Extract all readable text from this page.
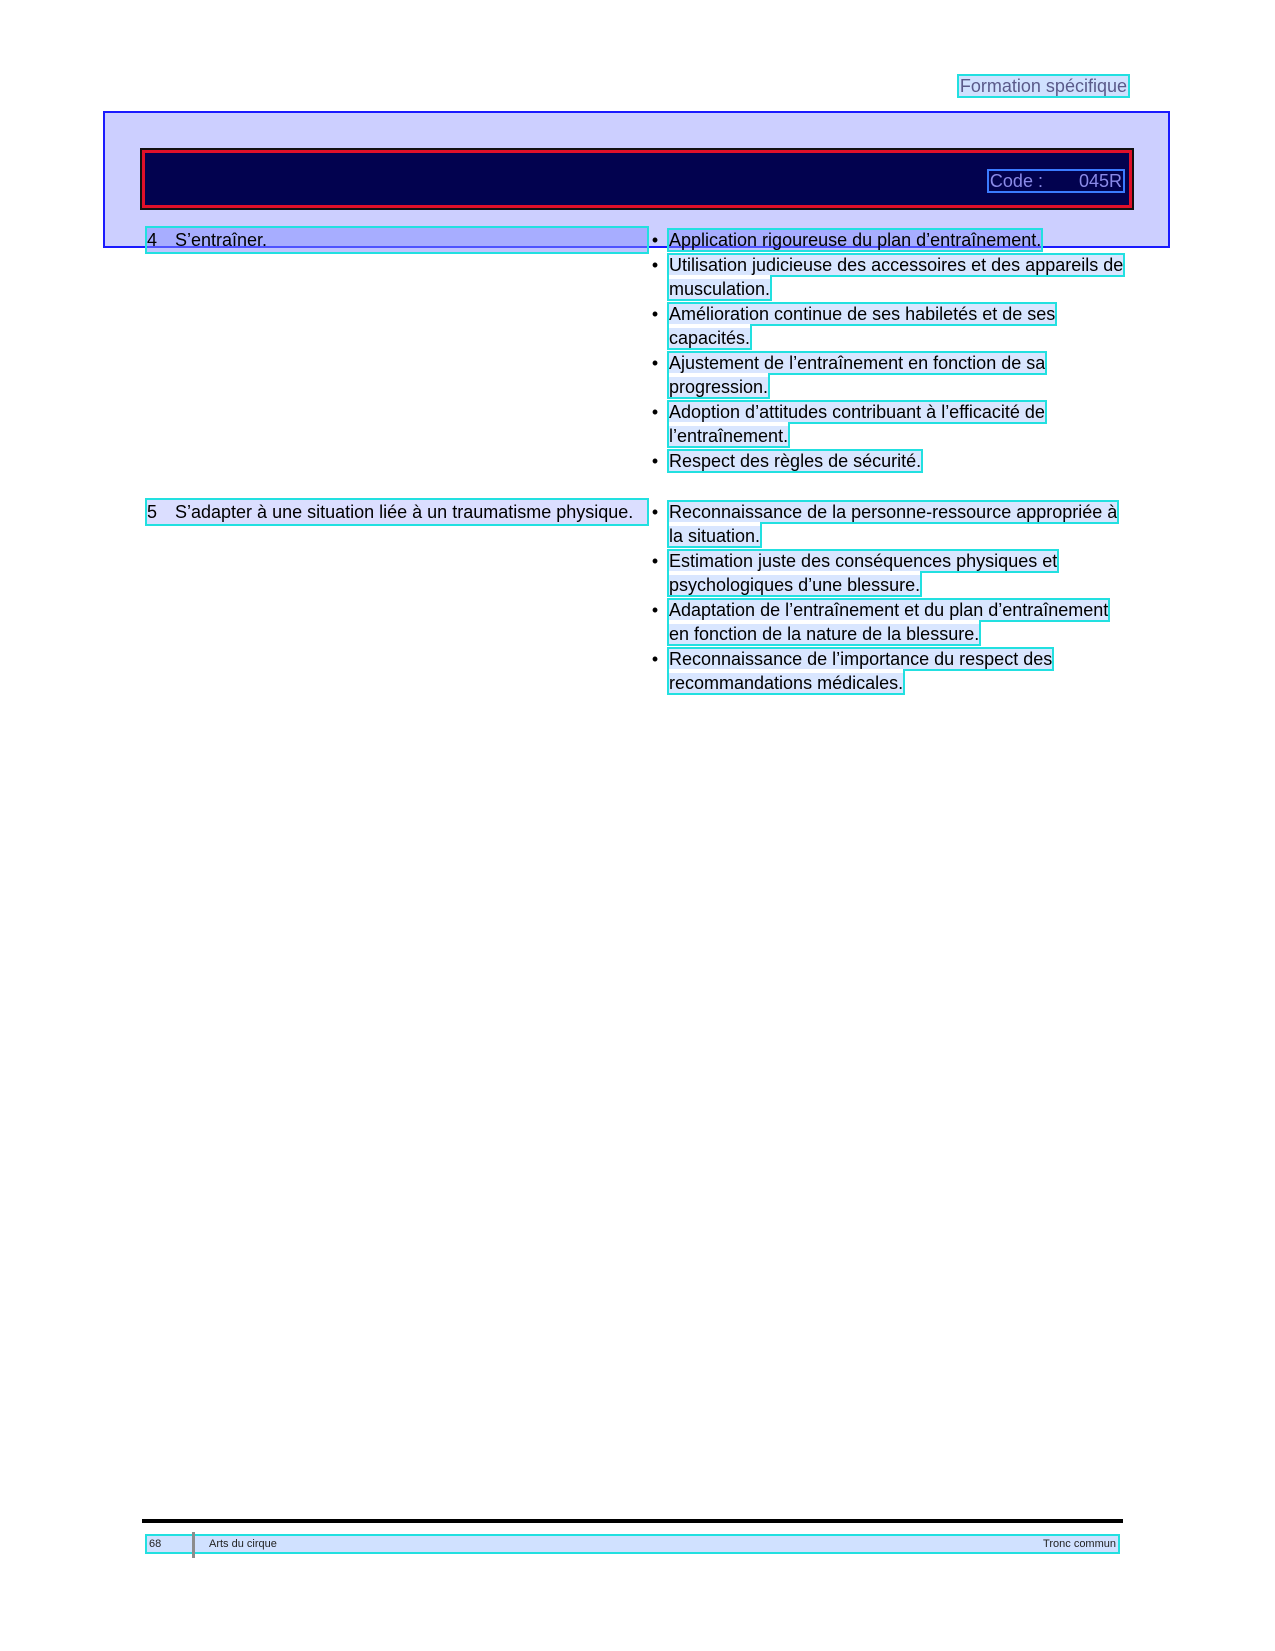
Formation spécifique
Code : 045R
4 S’entraîner.	• Application rigoureuse du plan d’entraînement.
• Utilisation judicieuse des accessoires et des appareils de musculation.
• Amélioration continue de ses habiletés et de ses capacités.
• Ajustement de l’entraînement en fonction de sa progression.
• Adoption d’attitudes contribuant à l’efficacité de l’entraînement.
• Respect des règles de sécurité.
5 S’adapter à une situation liée à un traumatisme physique.	• Reconnaissance de la personne-ressource appropriée à la situation.
• Estimation juste des conséquences physiques et psychologiques d’une blessure.
• Adaptation de l’entraînement et du plan d’entraînement en fonction de la nature de la blessure.
• Reconnaissance de l’importance du respect des recommandations médicales.
68	Arts du cirque	Tronc commun
